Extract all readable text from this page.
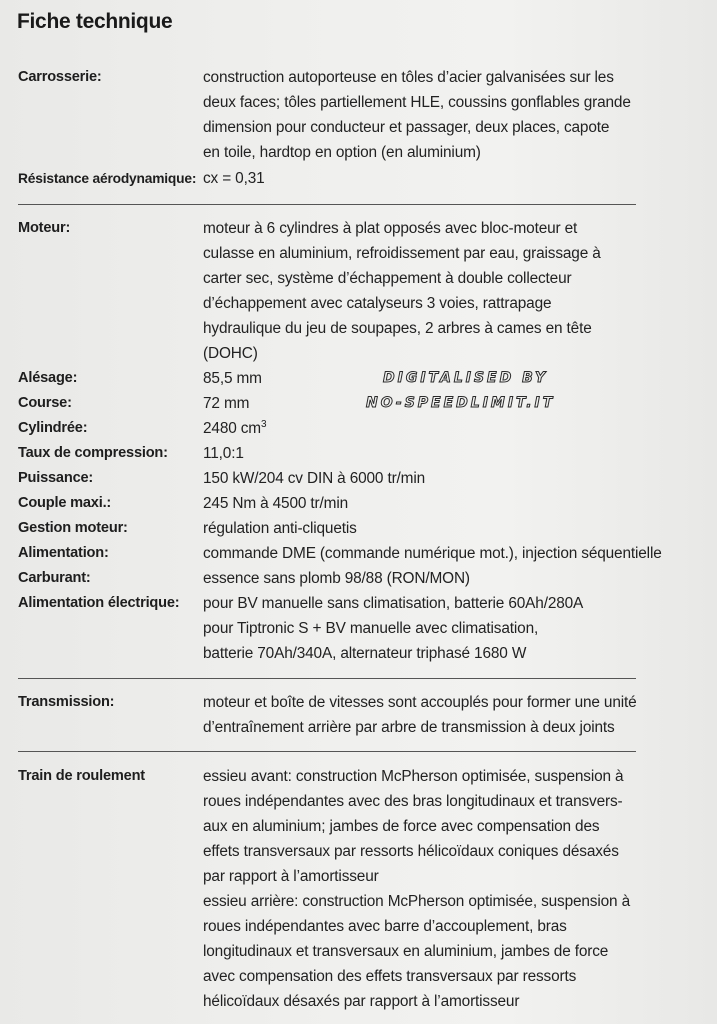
Fiche technique
Carrosserie:	construction autoporteuse en tôles d’acier galvanisées sur les
deux faces; tôles partiellement HLE, coussins gonflables grande
dimension pour conducteur et passager, deux places, capote
en toile, hardtop en option (en aluminium)
Résistance aérodynamique: cx = 0,31
Moteur:	moteur à 6 cylindres à plat opposés avec bloc-moteur et
culasse en aluminium, refroidissement par eau, graissage à
carter sec, système d’échappement à double collecteur
d’échappement avec catalyseurs 3 voies, rattrapage
hydraulique du jeu de soupapes, 2 arbres à cames en tête
(DOHC)
Alésage:	85,5 mm
Course:	72 mm
Cylindrée:	2480 $cm^3$
Taux de compression: 11,0:1
Puissance:	150 kW/204 cv DIN à 6000 tr/min
Couple maxi.:	245 Nm à 4500 tr/min
Gestion moteur:	régulation anti-cliquetis
Alimentation:	commande DME (commande numérique mot.), injection séquentielle
Carburant:	essence sans plomb 98/88 (RON/MON)
Alimentation électrique: pour BV manuelle sans climatisation, batterie 60Ah/280A
pour Tiptronic S + BV manuelle avec climatisation,
batterie 70Ah/340A, alternateur triphasé 1680 W
Transmission:	moteur et boîte de vitesses sont accouplés pour former une unité
d’entraînement arrière par arbre de transmission à deux joints
Train de roulement	essieu avant: construction McPherson optimisée, suspension à
roues indépendantes avec des bras longitudinaux et transvers-
aux en aluminium; jambes de force avec compensation des
effets transversaux par ressorts hélicoïdaux coniques désaxés
par rapport à l’amortisseur
essieu arrière: construction McPherson optimisée, suspension à
roues indépendantes avec barre d’accouplement, bras
longitudinaux et transversaux en aluminium, jambes de force
avec compensation des effets transversaux par ressorts
hélicoïdaux désaxés par rapport à l’amortisseur
DIGITALISED BY
NO-SPEEDLIMIT.IT
